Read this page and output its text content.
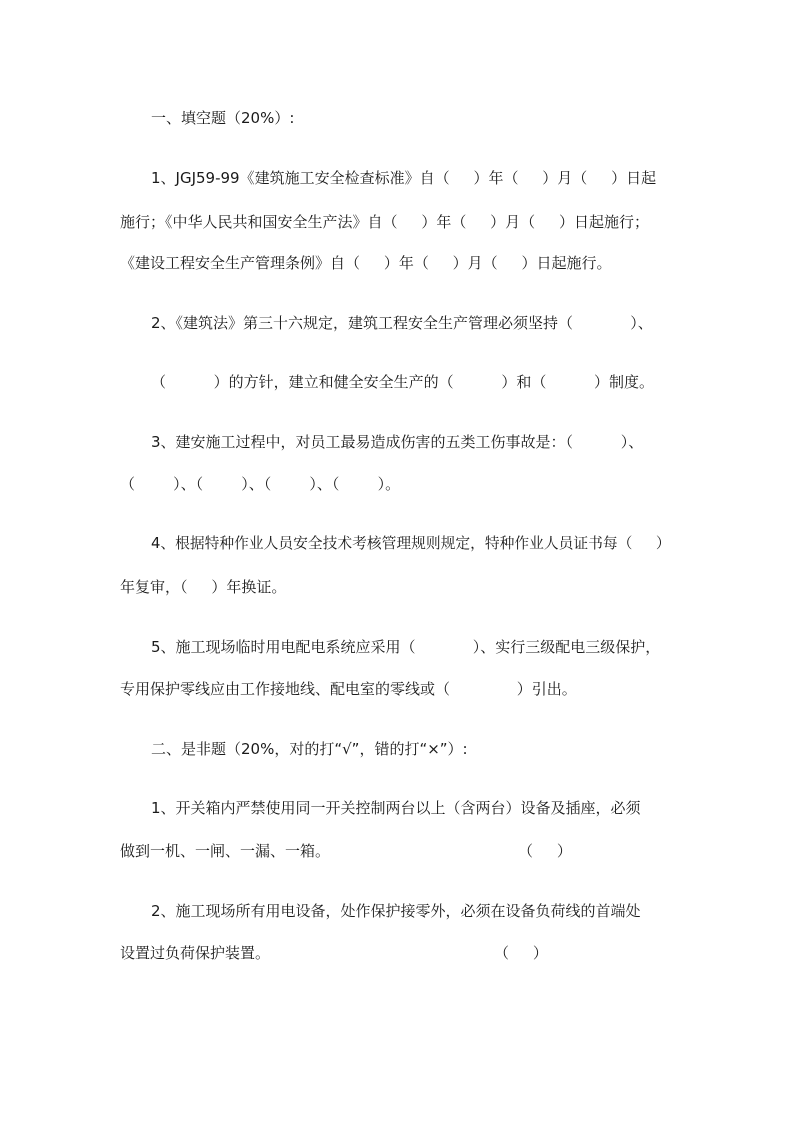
一、填空题（20%）:
1、JGJ59-99《建筑施工安全检查标准》自（     ）年（     ）月（     ）日起
施行；《中华人民共和国安全生产法》自（     ）年（     ）月（     ）日起施行；
《建设工程安全生产管理条例》自（     ）年（     ）月（     ）日起施行。
2、《建筑法》第三十六规定，建筑工程安全生产管理必须坚持（            ）、
（          ）的方针，建立和健全安全生产的（          ）和（          ）制度。
3、建安施工过程中，对员工最易造成伤害的五类工伤事故是：（          ）、
（        ）、（        ）、（        ）、（        ）。
4、根据特种作业人员安全技术考核管理规则规定，特种作业人员证书每（     ）
年复审，（     ）年换证。
5、施工现场临时用电配电系统应采用（            ）、实行三级配电三级保护，
专用保护零线应由工作接地线、配电室的零线或（              ）引出。
二、是非题（20%，对的打“√”，错的打“×”）:
1、开关箱内严禁使用同一开关控制两台以上（含两台）设备及插座，必须
做到一机、一闸、一漏、一箱。	（     ）
2、施工现场所有用电设备，处作保护接零外，必须在设备负荷线的首端处
设置过负荷保护装置。	（     ）
